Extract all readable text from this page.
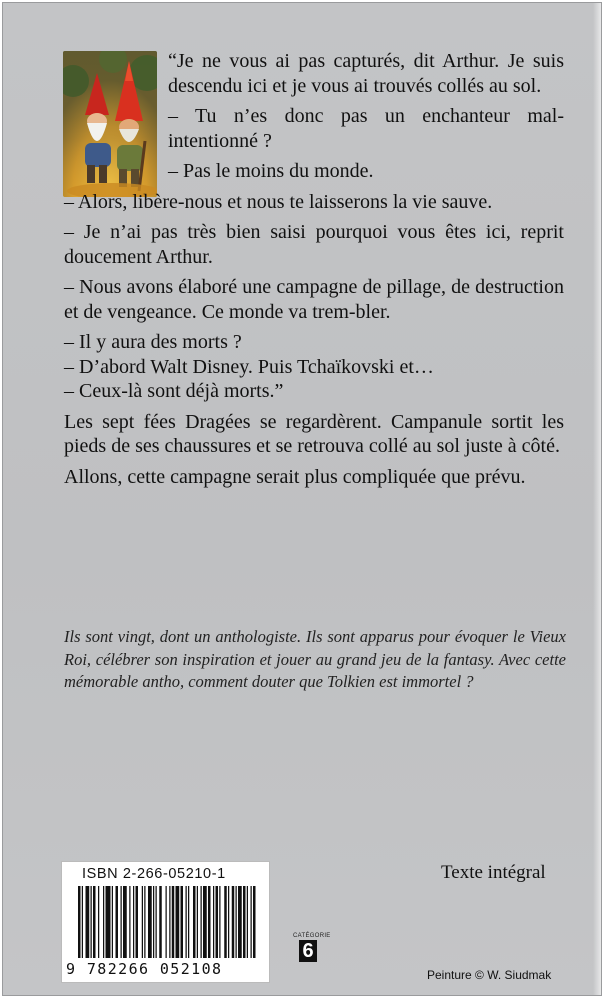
“Je ne vous ai pas capturés, dit Arthur. Je suis descendu ici et je vous ai trouvés collés au sol.

– Tu n’es donc pas un enchanteur mal-intentionné ?

– Pas le moins du monde.

– Alors, libère-nous et nous te laisserons la vie sauve.

– Je n’ai pas très bien saisi pourquoi vous êtes ici, reprit doucement Arthur.

– Nous avons élaboré une campagne de pillage, de destruction et de vengeance. Ce monde va trem-bler.

– Il y aura des morts ?

– D’abord Walt Disney. Puis Tchaïkovski et…

– Ceux-là sont déjà morts.”

Les sept fées Dragées se regardèrent. Campanule sortit les pieds de ses chaussures et se retrouva collé au sol juste à côté.

Allons, cette campagne serait plus compliquée que prévu.

Ils sont vingt, dont un anthologiste. Ils sont apparus pour évoquer le Vieux Roi, célébrer son inspiration et jouer au grand jeu de la fantasy. Avec cette mémorable antho, comment douter que Tolkien est immortel ?
ISBN 2-266-05210-1
9 782266 052108
CATÉGORIE
6
Texte intégral
Peinture © W. Siudmak
